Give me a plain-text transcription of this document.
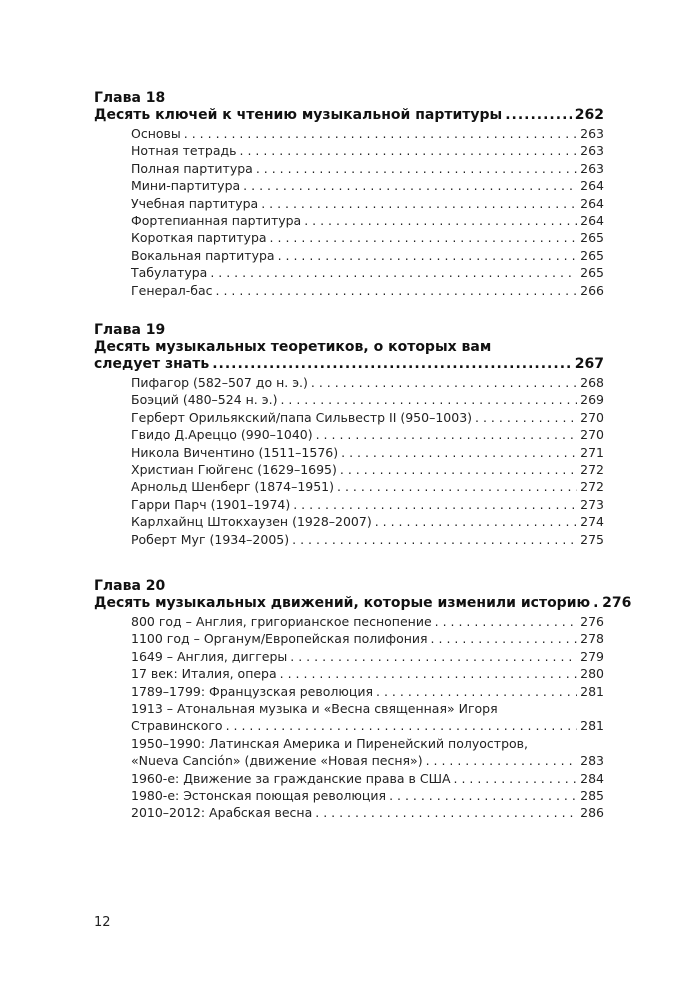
Глава 18
Десять ключей к чтению музыкальной партитуры .....	262
Основы . . .	263
Нотная тетрадь . . .	263
Полная партитура . . .	263
Мини-партитура . . .	264
Учебная партитура . . .	264
Фортепианная партитура . . .	264
Короткая партитура . . .	265
Вокальная партитура . . .	265
Табулатура . . .	265
Генерал-бас . . .	266
Глава 19
Десять музыкальных теоретиков, о которых вам
следует знать .....	267
Пифагор (582–507 до н. э.) . . .	268
Боэций (480–524 н. э.) . . .	269
Герберт Орильякский/папа Сильвестр II (950–1003) . . .	270
Гвидо Д.Ареццо (990–1040) . . .	270
Никола Вичентино (1511–1576) . . .	271
Христиан Гюйгенс (1629–1695) . . .	272
Арнольд Шенберг (1874–1951) . . .	272
Гарри Парч (1901–1974) . . .	273
Карлхайнц Штокхаузен (1928–2007) . . .	274
Роберт Муг (1934–2005) . . .	275
Глава 20
Десять музыкальных движений, которые изменили историю ..... 276
800 год – Англия, григорианское песнопение . . .	276
1100 год – Органум/Европейская полифония . . .	278
1649 – Англия, диггеры . . .	279
17 век: Италия, опера . . .	280
1789–1799: Французская революция . . .	281
1913 – Атональная музыка и «Весна священная» Игоря
Стравинского . . .	281
1950–1990: Латинская Америка и Пиренейский полуостров,
«Nueva Canción» (движение «Новая песня») . . .	283
1960-е: Движение за гражданские права в США . . .	284
1980-е: Эстонская поющая революция . . .	285
2010–2012: Арабская весна . . .	286
12
